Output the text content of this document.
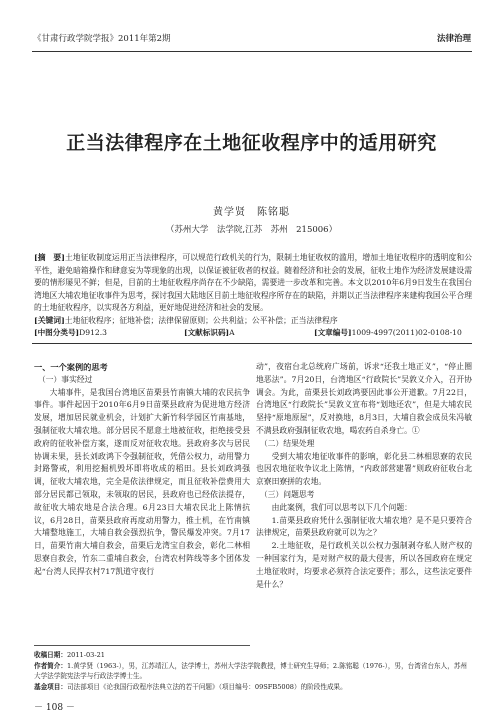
《甘肃行政学院学报》2011年第2期	法律治理
正当法律程序在土地征收程序中的适用研究
黄学贤　陈铭聪
（苏州大学　法学院,江苏　苏州　215006）
[摘　要]土地征收制度运用正当法律程序，可以规范行政机关的行为，限制土地征收权的滥用，增加土地征收程序的透明度和公平性，避免暗箱操作和肆意妄为等现象的出现，以保证被征收者的权益。随着经济和社会的发展，征收土地作为经济发展建设需要的情形屡见不鲜；但是，目前的土地征收程序尚存在不少缺陷，需要进一步改革和完善。本文以2010年6月9日发生在我国台湾地区大埔农地征收事件为思考，探讨我国大陆地区目前土地征收程序所存在的缺陷，并期以正当法律程序来建构我国公平合理的土地征收程序，以实现各方利益，更好地促进经济和社会的发展。
[关键词]土地征收程序；征地补偿；法律保留原则；公共利益；公平补偿；正当法律程序
[中图分类号]D912.3	[文献标识码]A	[文章编号]1009-4997(2011)02-0108-10

一、一个案例的思考

（一）事实经过

大埔事件，是我国台湾地区苗栗县竹南镇大埔的农民抗争事件。事件起因于2010年6月9日苗栗县政府为促进地方经济发展，增加居民就业机会，计划扩大新竹科学园区竹南基地，强制征收大埔农地。部分居民不愿意土地被征收，拒绝接受县政府的征收补偿方案，遂而反对征收农地。县政府多次与居民协调未果，县长刘政鸿下令强制征收，凭借公权力，动用警力封路警戒，利用挖掘机毁坏即将收成的稻田。县长刘政鸿强调，征收大埔农地，完全是依法律规定，而且征收补偿费用大部分居民都已领取，未领取的居民，县政府也已经依法提存，故征收大埔农地是合法合理。6月23日大埔农民北上陈情抗议，6月28日，苗栗县政府再度动用警力，推土机，在竹南镇大埔整地施工，大埔自救会强烈抗争，警民爆发冲突。7月17日，苗栗竹南大埔自救会，苗栗后龙湾宝自救会，彰化二林相思寮自救会，竹东二重埔自救会，台湾农村阵线等多个团体发起“台湾人民捍衣村717凯道守夜行

动”，夜宿台北总统府广场前，诉求“还我土地正义”，“停止圈地恶法”。7月20日，台湾地区“行政院长”吴敦义介入，召开协调会。为此，苗栗县长刘政鸿要因此事公开道歉。7月22日，台湾地区“行政院长”吴敦义宣布将“划地还农”，但是大埔农民坚持“原地原屋”，反对换地，8月3日，大埔自救会成员朱冯敏不满县政府强制征收农地，喝农药自杀身亡。①

（二）结果处理

受到大埔农地征收事件的影响，彰化县二林相思寮的农民也因农地征收争议北上陈情，“内政部营建署”则政府征收台北京寮田寮拼的农地。

（三）问题思考

由此案例，我们可以思考以下几个问题：

1.苗栗县政府凭什么强制征收大埔农地？是不是只要符合法律规定，苗栗县政府就可以为之？

2.土地征收，是行政机关以公权力强制剥夺私人财产权的一种国家行为，是对财产权的最大侵害，所以各国政府在规定土地征收时，均要求必须符合法定要件；那么，这些法定要件是什么？

收稿日期：2011-03-21

作者简介：1.黄学贤（1963-），男，江苏靖江人，法学博士，苏州大学法学院教授，博士研究生导师；2.陈铭聪（1976-），男，台湾省台东人，苏州大学法学院宪法学与行政法学博士生。

基金项目：司法部项目《论我国行政程序法典立法的若干问题》（项目编号：09SFB5008）的阶段性成果。

－ 108 －
